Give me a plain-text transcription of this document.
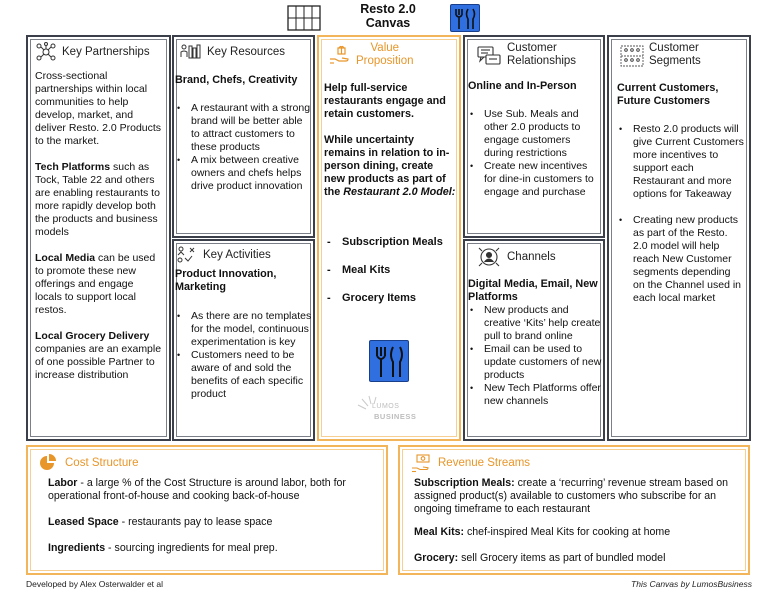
Resto 2.0
Canvas
Key Partnerships

Cross-sectional partnerships within local communities to help develop, market, and deliver Resto. 2.0 Products to the market.

Tech Platforms such as Tock, Table 22 and others are enabling restaurants to more rapidly develop both the products and business models

Local Media can be used to promote these new offerings and engage locals to support local restos.

Local Grocery Delivery companies are an example of one possible Partner to increase distribution

Key Resources
Brand, Chefs, Creativity
• A restaurant with a strong brand will be better able to attract customers to these products
• A mix between creative owners and chefs helps drive product innovation
Key Activities
Product Innovation, Marketing
• As there are no templates for the model, continuous experimentation is key
• Customers need to be aware of and sold the benefits of each specific product
Value
Proposition

Help full-service restaurants engage and retain customers.

While uncertainty remains in relation to in-person dining, create new products as part of the Restaurant 2.0 Model:

- Subscription Meals
- Meal Kits
- Grocery Items
LUMOS
BUSINESS
Customer
Relationships
Online and In-Person
• Use Sub. Meals and other 2.0 products to engage customers during restrictions
• Create new incentives for dine-in customers to engage and purchase
Channels
Digital Media, Email, New Platforms
• New products and creative ‘Kits’ help create pull to brand online
• Email can be used to update customers of new products
• New Tech Platforms offer new channels
Customer
Segments
Current Customers, Future Customers
• Resto 2.0 products will give Current Customers more incentives to support each Restaurant and more options for Takeaway
• Creating new products as part of the Resto. 2.0 model will help reach New Customer segments depending on the Channel used in each local market
Cost Structure

Labor - a large % of the Cost Structure is around labor, both for operational front-of-house and cooking back-of-house

Leased Space - restaurants pay to lease space

Ingredients - sourcing ingredients for meal prep.

Revenue Streams

Subscription Meals: create a ‘recurring’ revenue stream based on assigned product(s) available to customers who subscribe for an ongoing timeframe to each restaurant

Meal Kits: chef-inspired Meal Kits for cooking at home

Grocery: sell Grocery items as part of bundled model

Developed by Alex Osterwalder et al	This Canvas by LumosBusiness
